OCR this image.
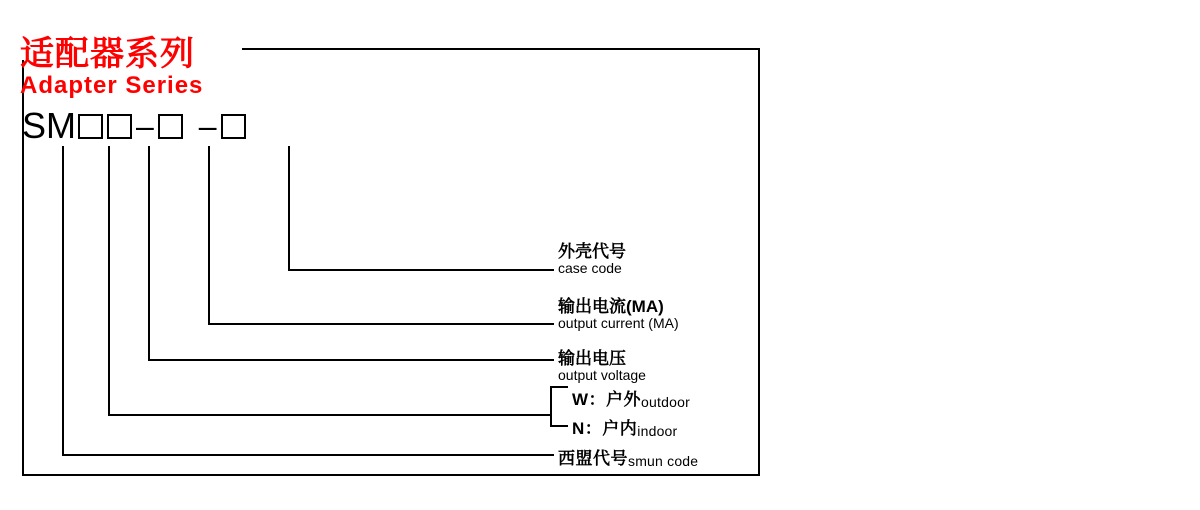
适配器系列
Adapter Series
SM – –
外壳代号
case code
输出电流(MA)
output current (MA)
输出电压
output voltage
W：户外 outdoor
N：户内 indoor
西盟代号 smun code
